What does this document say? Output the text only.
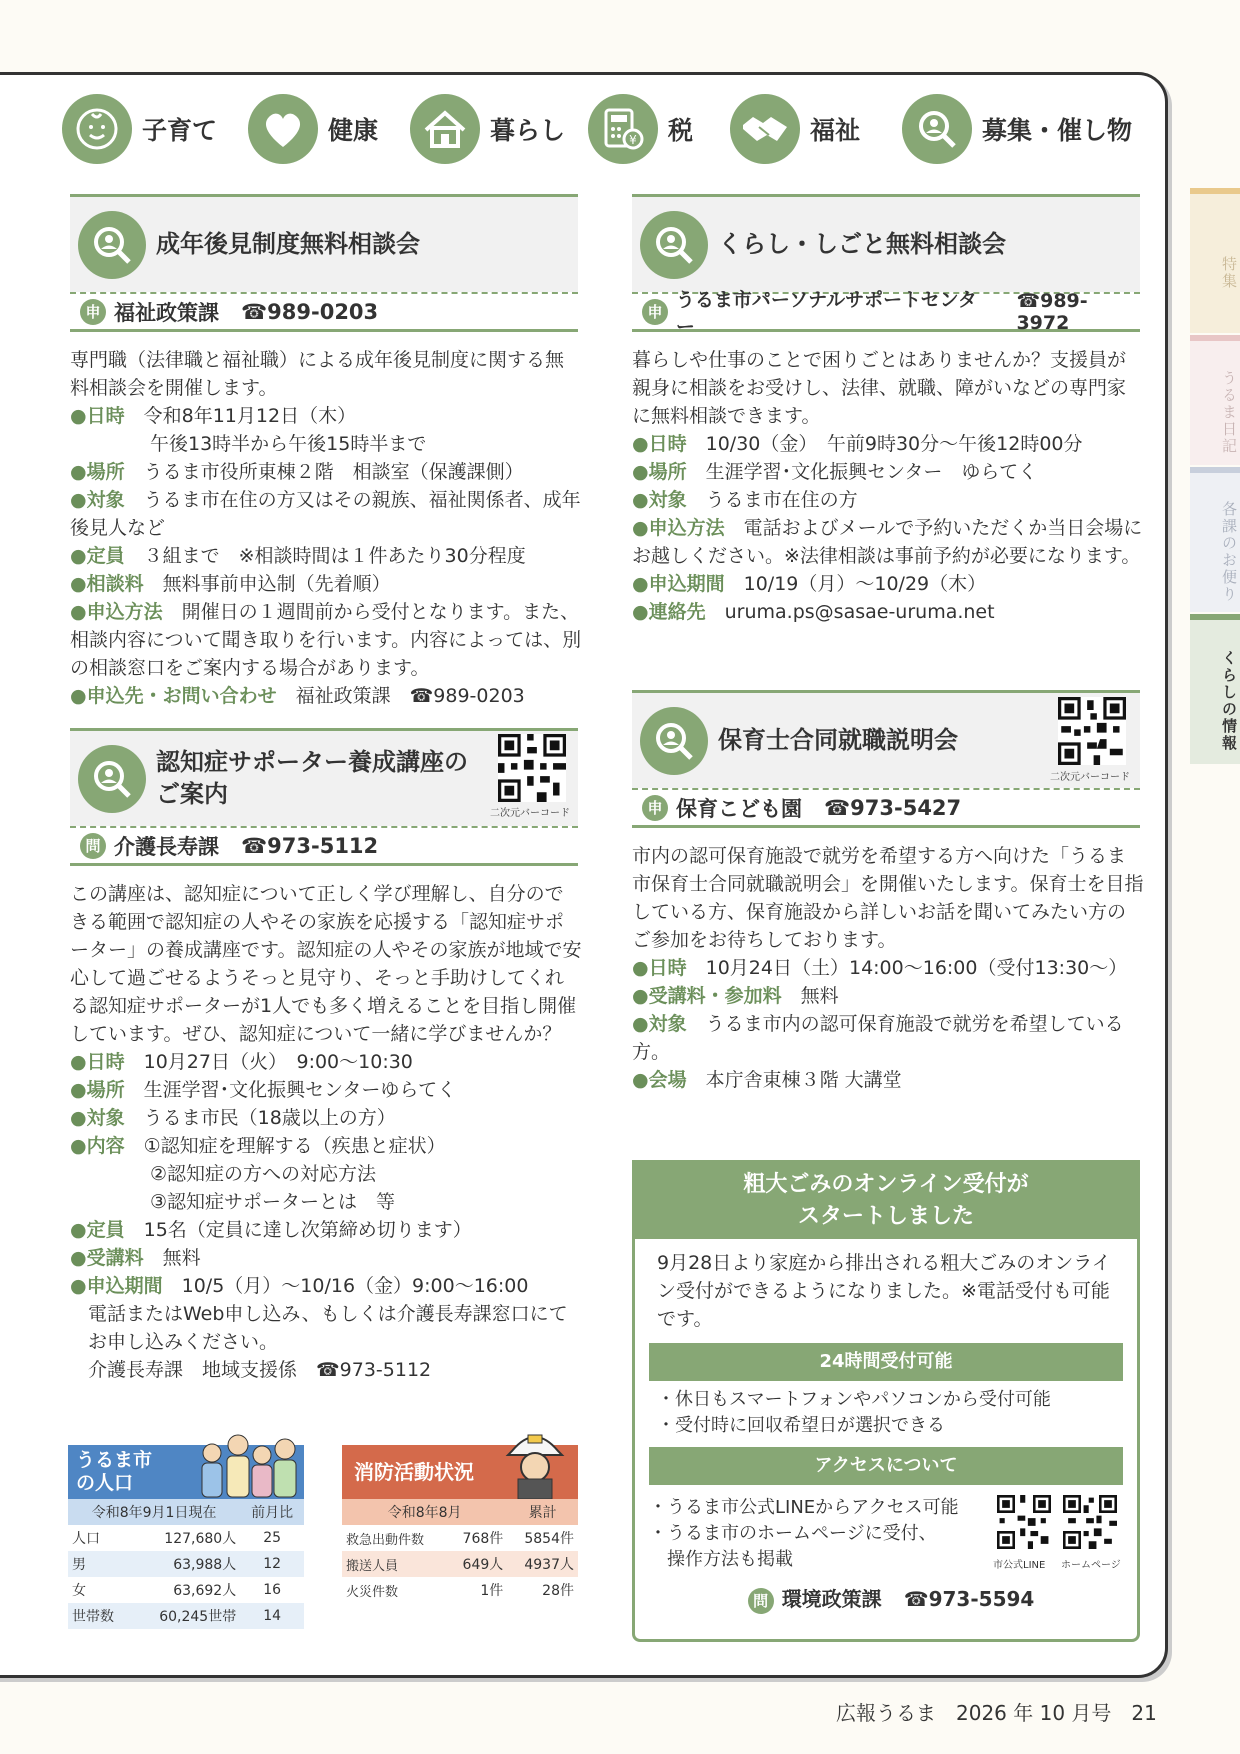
子育て	健康	暮らし	¥ 税	福祉	募集・催し物
特集
うるま日記
各課のお便り
くらしの情報
成年後見制度無料相談会
申 福祉政策課 ☎989-0203

専門職（法律職と福祉職）による成年後見制度に関する無料相談会を開催します。

●日時　 令和8年11月12日（木）

午後13時半から午後15時半まで

●場所　 うるま市役所東棟２階　相談室（保護課側）

●対象　 うるま市在住の方又はその親族、福祉関係者、成年後見人など

●定員　 ３組まで　※相談時間は１件あたり30分程度

●相談料　 無料事前申込制（先着順）

●申込方法　 開催日の１週間前から受付となります。また、相談内容について聞き取りを行います。内容によっては、別の相談窓口をご案内する場合があります。

●申込先・お問い合わせ　 福祉政策課　☎989-0203

くらし・しごと無料相談会
申
うるま市パーソナルサポートセンター
☎989-3972

暮らしや仕事のことで困りごとはありませんか？支援員が親身に相談をお受けし、法律、就職、障がいなどの専門家に無料相談できます。

●日時　 10/30（金）　午前9時30分〜午後12時00分

●場所　 生涯学習･文化振興センター　ゆらてく

●対象　 うるま市在住の方

●申込方法　 電話およびメールで予約いただくか当日会場にお越しください。※法律相談は事前予約が必要になります。

●申込期間　 10/19（月）〜10/29（木）

●連絡先　 uruma.ps@sasae-uruma.net

認知症サポーター養成講座の
ご案内
二次元バーコード
問 介護長寿課 ☎973-5112

この講座は、認知症について正しく学び理解し、自分のできる範囲で認知症の人やその家族を応援する「認知症サポーター」の養成講座です。認知症の人やその家族が地域で安心して過ごせるようそっと見守り、そっと手助けしてくれる認知症サポーターが1人でも多く増えることを目指し開催しています。ぜひ、認知症について一緒に学びませんか？

●日時　 10月27日（火）　9:00〜10:30

●場所　 生涯学習･文化振興センターゆらてく

●対象　 うるま市民（18歳以上の方）

●内容　 ①認知症を理解する（疾患と症状）

②認知症の方への対応方法

③認知症サポーターとは　等

●定員　 15名（定員に達し次第締め切ります）

●受講料　 無料

●申込期間　 10/5（月）〜10/16（金）9:00〜16:00

電話またはWeb申し込み、もしくは介護長寿課窓口にてお申し込みください。

介護長寿課　地域支援係　☎973-5112

保育士合同就職説明会
二次元バーコード
申 保育こども園 ☎973-5427

市内の認可保育施設で就労を希望する方へ向けた「うるま市保育士合同就職説明会」を開催いたします。保育士を目指している方、保育施設から詳しいお話を聞いてみたい方のご参加をお待ちしております。

●日時　 10月24日（土）14:00〜16:00（受付13:30〜）

●受講料・参加料　 無料

●対象　 うるま市内の認可保育施設で就労を希望している方。

●会場　 本庁舎東棟３階 大講堂

うるま市
の人口
令和8年9月1日現在		前月比
人口	127,680人	25
男	63,988人	12
女	63,692人	16
世帯数	60,245世帯	14
消防活動状況
令和8年8月		累計
救急出動件数	768件	5854件
搬送人員	649人	4937人
火災件数	1件	28件
粗大ごみのオンライン受付が
スタートしました
9月28日より家庭から排出される粗大ごみのオンライン受付ができるようになりました。※電話受付も可能です。
24時間受付可能
・休日もスマートフォンやパソコンから受付可能
・受付時に回収希望日が選択できる
アクセスについて
・うるま市公式LINEからアクセス可能
・うるま市のホームページに受付、
操作方法も掲載	市公式LINE ホームページ
問 環境政策課 ☎973-5594
広報うるま　2026 年 10 月号　21
